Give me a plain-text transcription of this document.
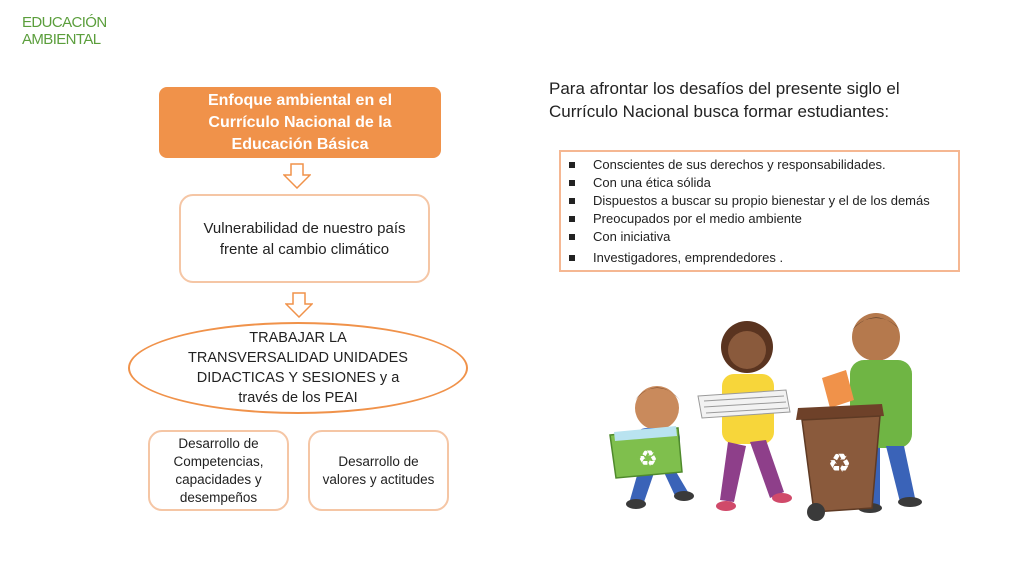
EDUCACIÓN
AMBIENTAL
Enfoque ambiental en el Currículo Nacional de la Educación Básica
Vulnerabilidad de nuestro país frente al cambio climático
TRABAJAR LA TRANSVERSALIDAD UNIDADES DIDACTICAS Y SESIONES y a través de los PEAI
Desarrollo de Competencias, capacidades y desempeños
Desarrollo de valores y actitudes
Para afrontar los desafíos del presente siglo el Currículo Nacional busca formar estudiantes:
Conscientes de sus derechos y responsabilidades.
Con una ética sólida
Dispuestos a buscar su propio bienestar y el de los demás
Preocupados por el medio ambiente
Con iniciativa
Investigadores, emprendedores .
♻	♻
